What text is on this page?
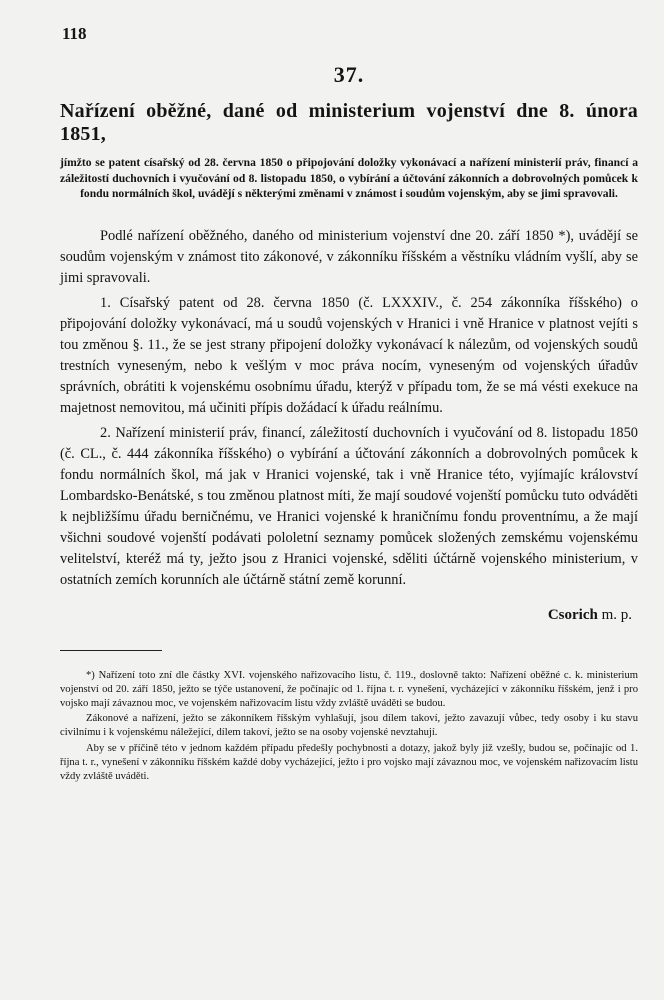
118
37.
Nařízení oběžné, dané od ministerium vojenství dne 8. února 1851,
jímžto se patent císařský od 28. června 1850 o připojování doložky vykonávací a nařízení ministerií práv, financí a záležitostí duchovních i vyučování od 8. listopadu 1850, o vybírání a účtování zákonních a dobrovolných pomůcek k fondu normálních škol, uvádějí s některými změnami v známost i soudům vojenským, aby se jimi spravovali.

Podlé nařízení oběžného, daného od ministerium vojenství dne 20. září 1850 *), uvádějí se soudům vojenským v známost tito zákonové, v zákonníku říšském a věstníku vládním vyšlí, aby se jimi spravovali.

1. Císařský patent od 28. června 1850 (č. LXXXIV., č. 254 zákonníka říšského) o připojování doložky vykonávací, má u soudů vojenských v Hranici i vně Hranice v platnost vejíti s tou změnou §. 11., že se jest strany připojení doložky vykonávací k nálezům, od vojenských soudů trestních vyneseným, nebo k vešlým v moc práva nocím, vyneseným od vojenských úřadův správních, obrátiti k vojenskému osobnímu úřadu, kterýž v případu tom, že se má vésti exekuce na majetnost nemovitou, má učiniti přípis dožádací k úřadu reálnímu.

2. Nařízení ministerií práv, financí, záležitostí duchovních i vyučování od 8. listopadu 1850 (č. CL., č. 444 zákonníka říšského) o vybírání a účtování zákonních a dobrovolných pomůcek k fondu normálních škol, má jak v Hranici vojenské, tak i vně Hranice této, vyjímajíc království Lombardsko-Benátské, s tou změnou platnost míti, že mají soudové vojenští pomůcku tuto odváděti k nejbližšímu úřadu berničnému, ve Hranici vojenské k hraničnímu fondu proventnímu, a že mají všichni soudové vojenští podávati pololetní seznamy pomůcek složených zemskému vojenskému velitelství, kteréž má ty, ježto jsou z Hranici vojenské, sděliti účtárně vojenského ministerium, v ostatních zemích korunních ale účtárně státní země korunní.

Csorich m. p.

*) Nařízení toto zní dle částky XVI. vojenského nařizovacího listu, č. 119., doslovně takto: Nařízení oběžné c. k. ministerium vojenství od 20. září 1850, ježto se týče ustanovení, že počínajíc od 1. října t. r. vynešení, vycházející v zákonníku říšském, jenž i pro vojsko mají závaznou moc, ve vojenském nařizovacím listu vždy zvláště uváděti se budou.

Zákonové a nařízení, ježto se zákonníkem říšským vyhlašují, jsou dílem takoví, ježto zavazují vůbec, tedy osoby i ku stavu civilnímu i k vojenskému náležející, dílem takoví, ježto se na osoby vojenské nevztahují.

Aby se v příčině této v jednom každém případu předešly pochybnosti a dotazy, jakož byly již vzešly, budou se, počínajíc od 1. října t. r., vynešení v zákonníku říšském každé doby vycházející, ježto i pro vojsko mají závaznou moc, ve vojenském nařizovacím listu vždy zvláště uváděti.
